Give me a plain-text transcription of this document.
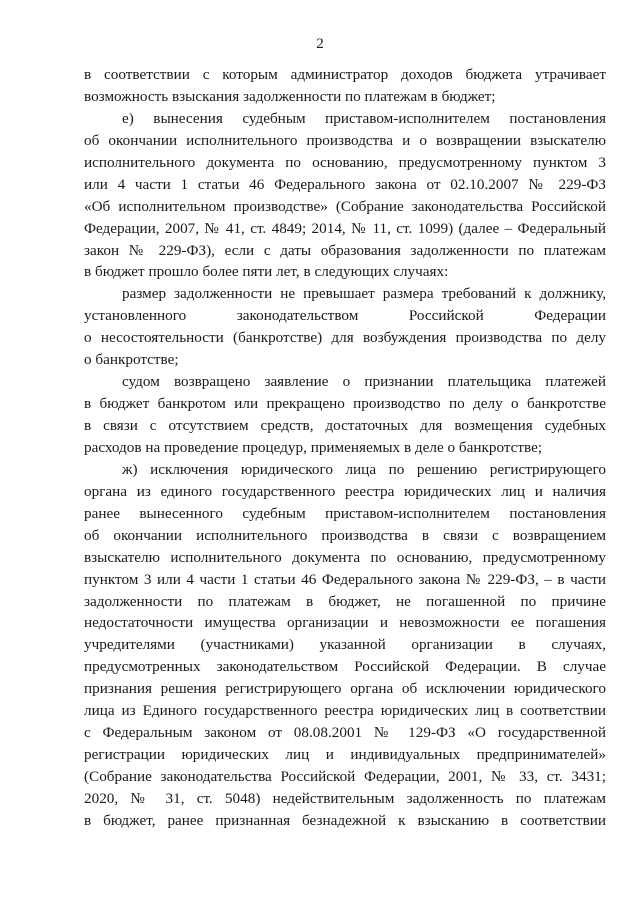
2
в соответствии с которым администратор доходов бюджета утрачивает
возможность взыскания задолженности по платежам в бюджет;
е) вынесения судебным приставом-исполнителем постановления
об окончании исполнительного производства и о возвращении взыскателю
исполнительного документа по основанию, предусмотренному пунктом 3
или 4 части 1 статьи 46 Федерального закона от 02.10.2007 № 229-ФЗ
«Об исполнительном производстве» (Собрание законодательства Российской
Федерации, 2007, № 41, ст. 4849; 2014, № 11, ст. 1099) (далее – Федеральный
закон № 229-ФЗ), если с даты образования задолженности по платежам
в бюджет прошло более пяти лет, в следующих случаях:
размер задолженности не превышает размера требований к должнику,
установленного законодательством Российской Федерации
о несостоятельности (банкротстве) для возбуждения производства по делу
о банкротстве;
судом возвращено заявление о признании плательщика платежей
в бюджет банкротом или прекращено производство по делу о банкротстве
в связи с отсутствием средств, достаточных для возмещения судебных
расходов на проведение процедур, применяемых в деле о банкротстве;
ж) исключения юридического лица по решению регистрирующего
органа из единого государственного реестра юридических лиц и наличия
ранее вынесенного судебным приставом-исполнителем постановления
об окончании исполнительного производства в связи с возвращением
взыскателю исполнительного документа по основанию, предусмотренному
пунктом 3 или 4 части 1 статьи 46 Федерального закона № 229-ФЗ, – в части
задолженности по платежам в бюджет, не погашенной по причине
недостаточности имущества организации и невозможности ее погашения
учредителями (участниками) указанной организации в случаях,
предусмотренных законодательством Российской Федерации. В случае
признания решения регистрирующего органа об исключении юридического
лица из Единого государственного реестра юридических лиц в соответствии
с Федеральным законом от 08.08.2001 № 129-ФЗ «О государственной
регистрации юридических лиц и индивидуальных предпринимателей»
(Собрание законодательства Российской Федерации, 2001, № 33, ст. 3431;
2020, № 31, ст. 5048) недействительным задолженность по платежам
в бюджет, ранее признанная безнадежной к взысканию в соответствии
